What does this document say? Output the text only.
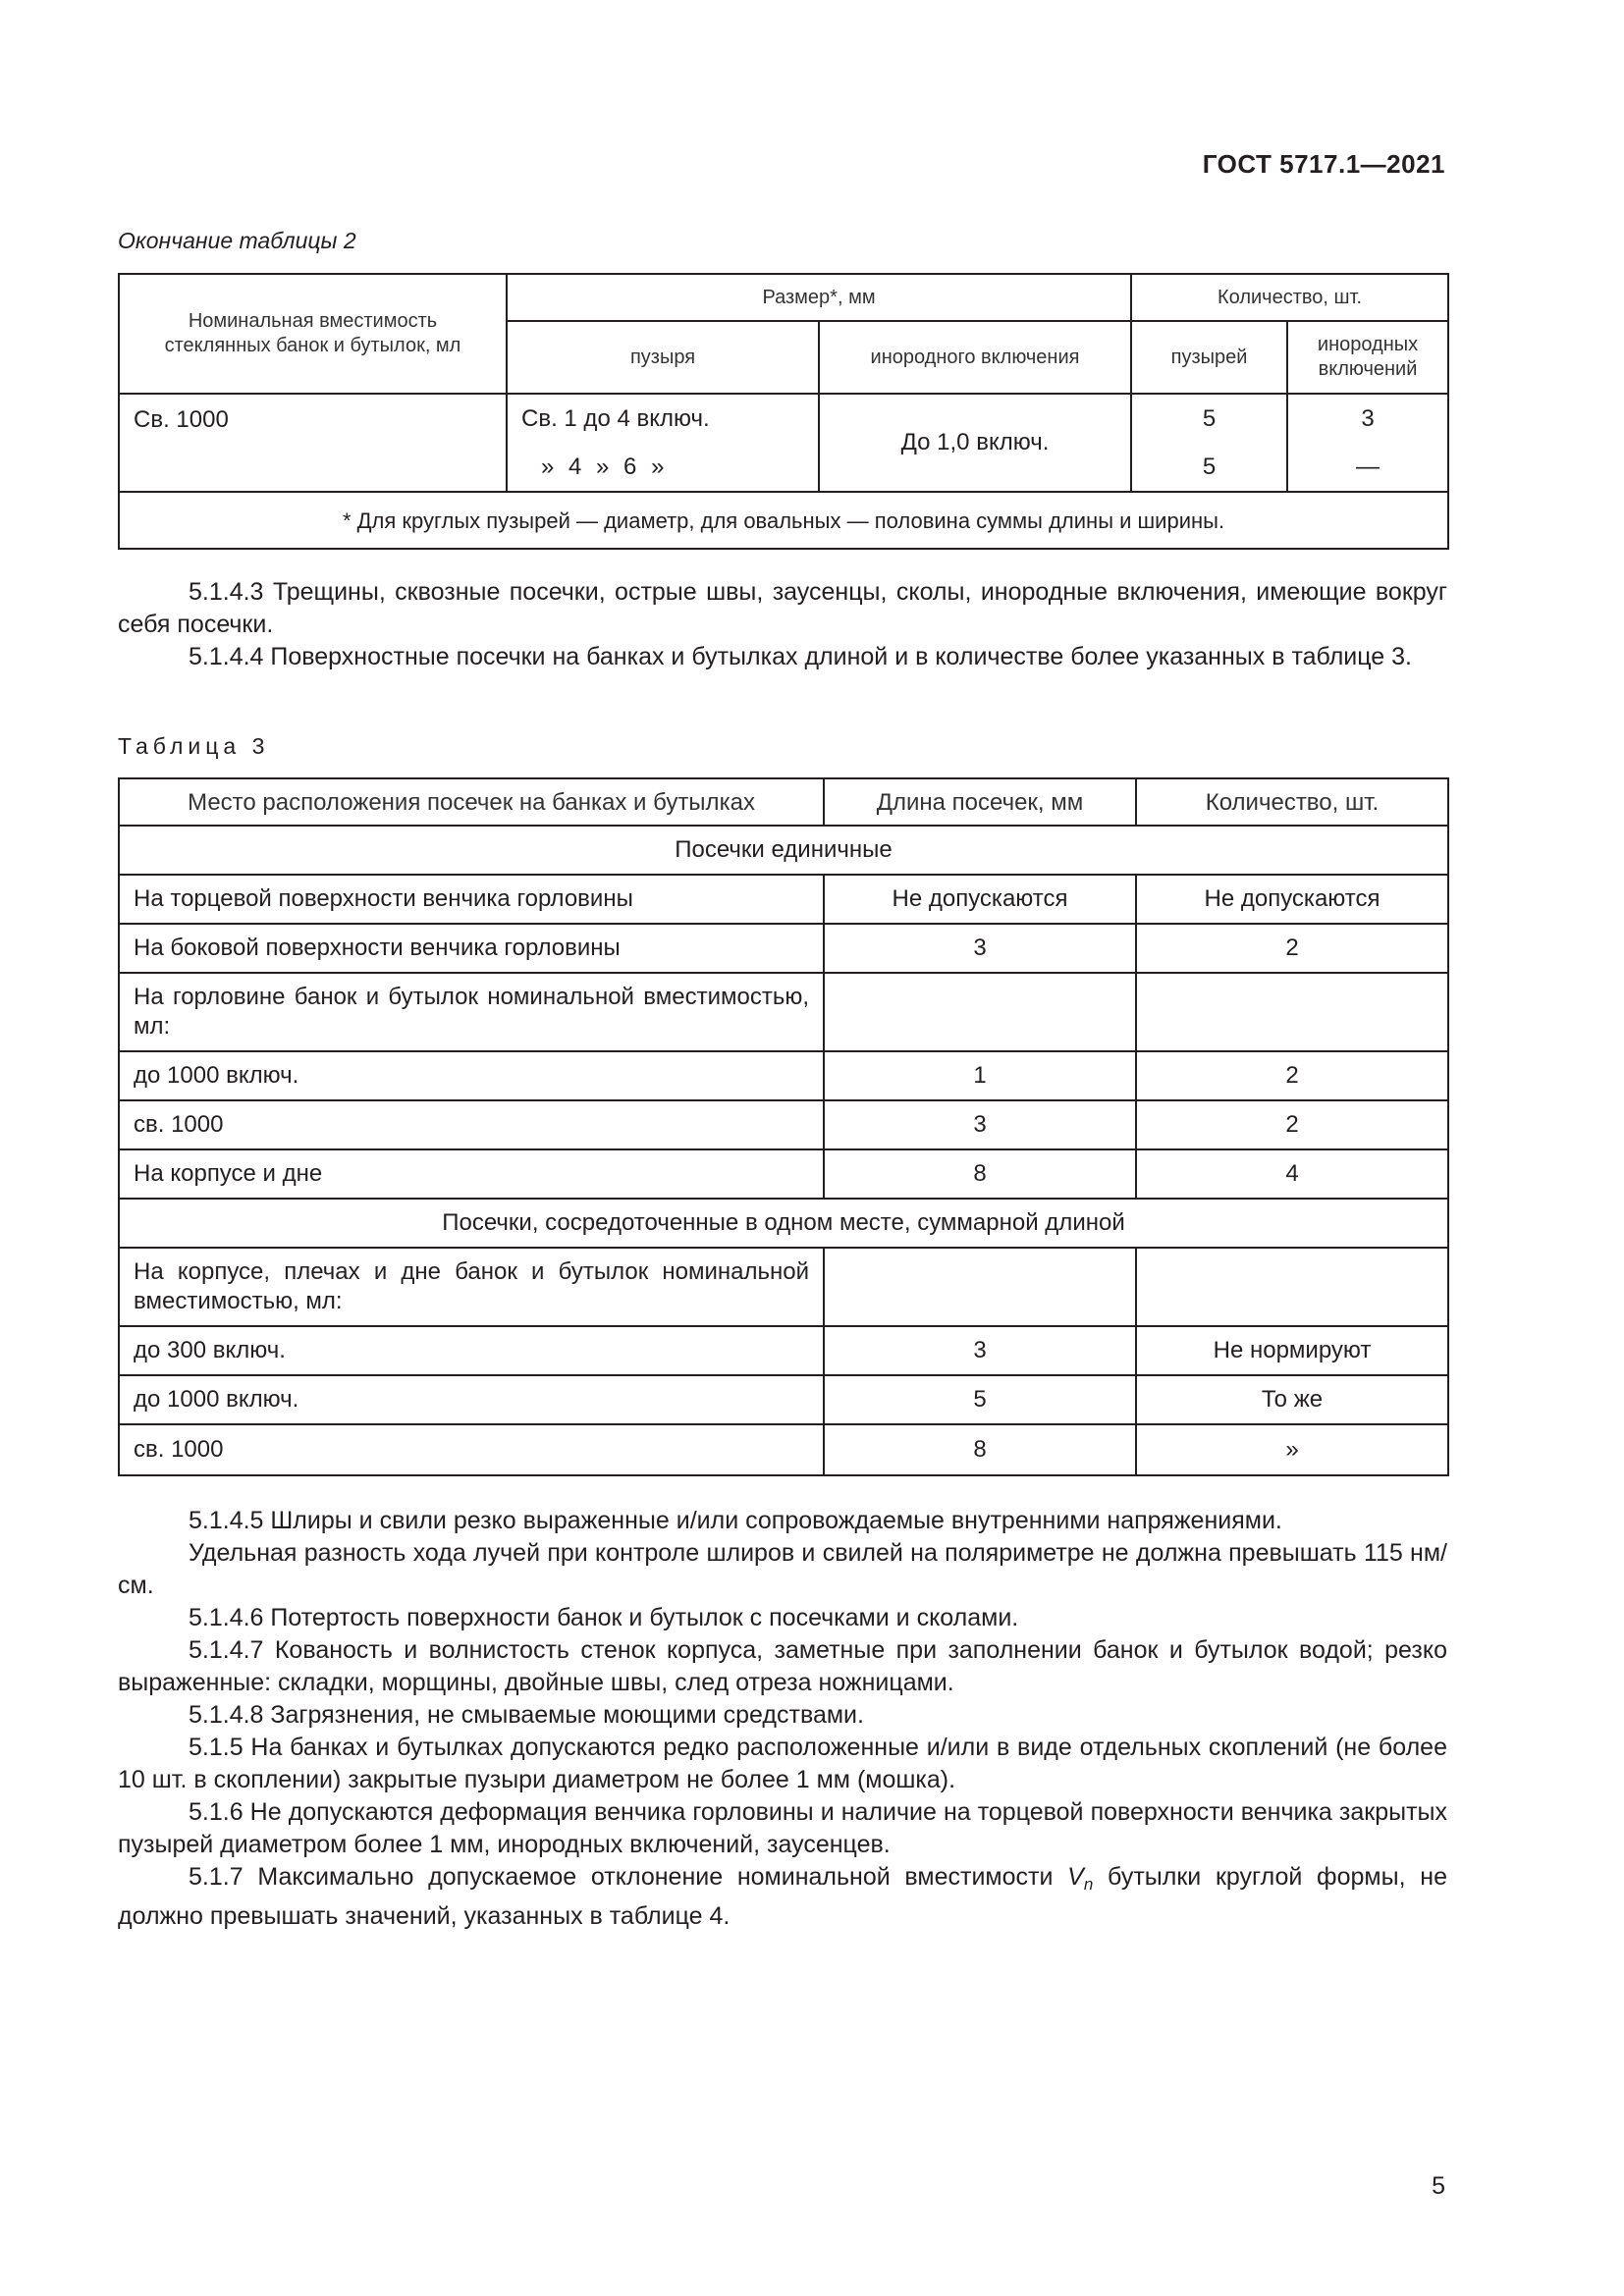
ГОСТ 5717.1—2021
Окончание таблицы 2
Номинальная вместимость стеклянных банок и бутылок, мл	Размер*, мм		Количество, шт.	
	пузыря	инородного включения	пузырей	инородных включений
Св. 1000	Св. 1 до 4 включ.	До 1,0 включ.	5	3
	» 4 » 6 »		5	—
* Для круглых пузырей — диаметр, для овальных — половина суммы длины и ширины.				
5.1.4.3 Трещины, сквозные посечки, острые швы, заусенцы, сколы, инородные включения, имеющие вокруг себя посечки.
5.1.4.4 Поверхностные посечки на банках и бутылках длиной и в количестве более указанных в таблице 3.
Таблица 3
Место расположения посечек на банках и бутылках	Длина посечек, мм	Количество, шт.
Посечки единичные		
На торцевой поверхности венчика горловины	Не допускаются	Не допускаются
На боковой поверхности венчика горловины	3	2
На горловине банок и бутылок номинальной вместимостью, мл:		
до 1000 включ.	1	2
св. 1000	3	2
На корпусе и дне	8	4
Посечки, сосредоточенные в одном месте, суммарной длиной		
На корпусе, плечах и дне банок и бутылок номинальной вместимостью, мл:		
до 300 включ.	3	Не нормируют
до 1000 включ.	5	То же
св. 1000	8	»
5.1.4.5 Шлиры и свили резко выраженные и/или сопровождаемые внутренними напряжениями.
Удельная разность хода лучей при контроле шлиров и свилей на поляриметре не должна превышать 115 нм/см.
5.1.4.6 Потертость поверхности банок и бутылок с посечками и сколами.
5.1.4.7 Кованость и волнистость стенок корпуса, заметные при заполнении банок и бутылок водой; резко выраженные: складки, морщины, двойные швы, след отреза ножницами.
5.1.4.8 Загрязнения, не смываемые моющими средствами.
5.1.5 На банках и бутылках допускаются редко расположенные и/или в виде отдельных скоплений (не более 10 шт. в скоплении) закрытые пузыри диаметром не более 1 мм (мошка).
5.1.6 Не допускаются деформация венчика горловины и наличие на торцевой поверхности венчика закрытых пузырей диаметром более 1 мм, инородных включений, заусенцев.
5.1.7 Максимально допускаемое отклонение номинальной вместимости $V_n$ бутылки круглой формы, не должно превышать значений, указанных в таблице 4.
5
